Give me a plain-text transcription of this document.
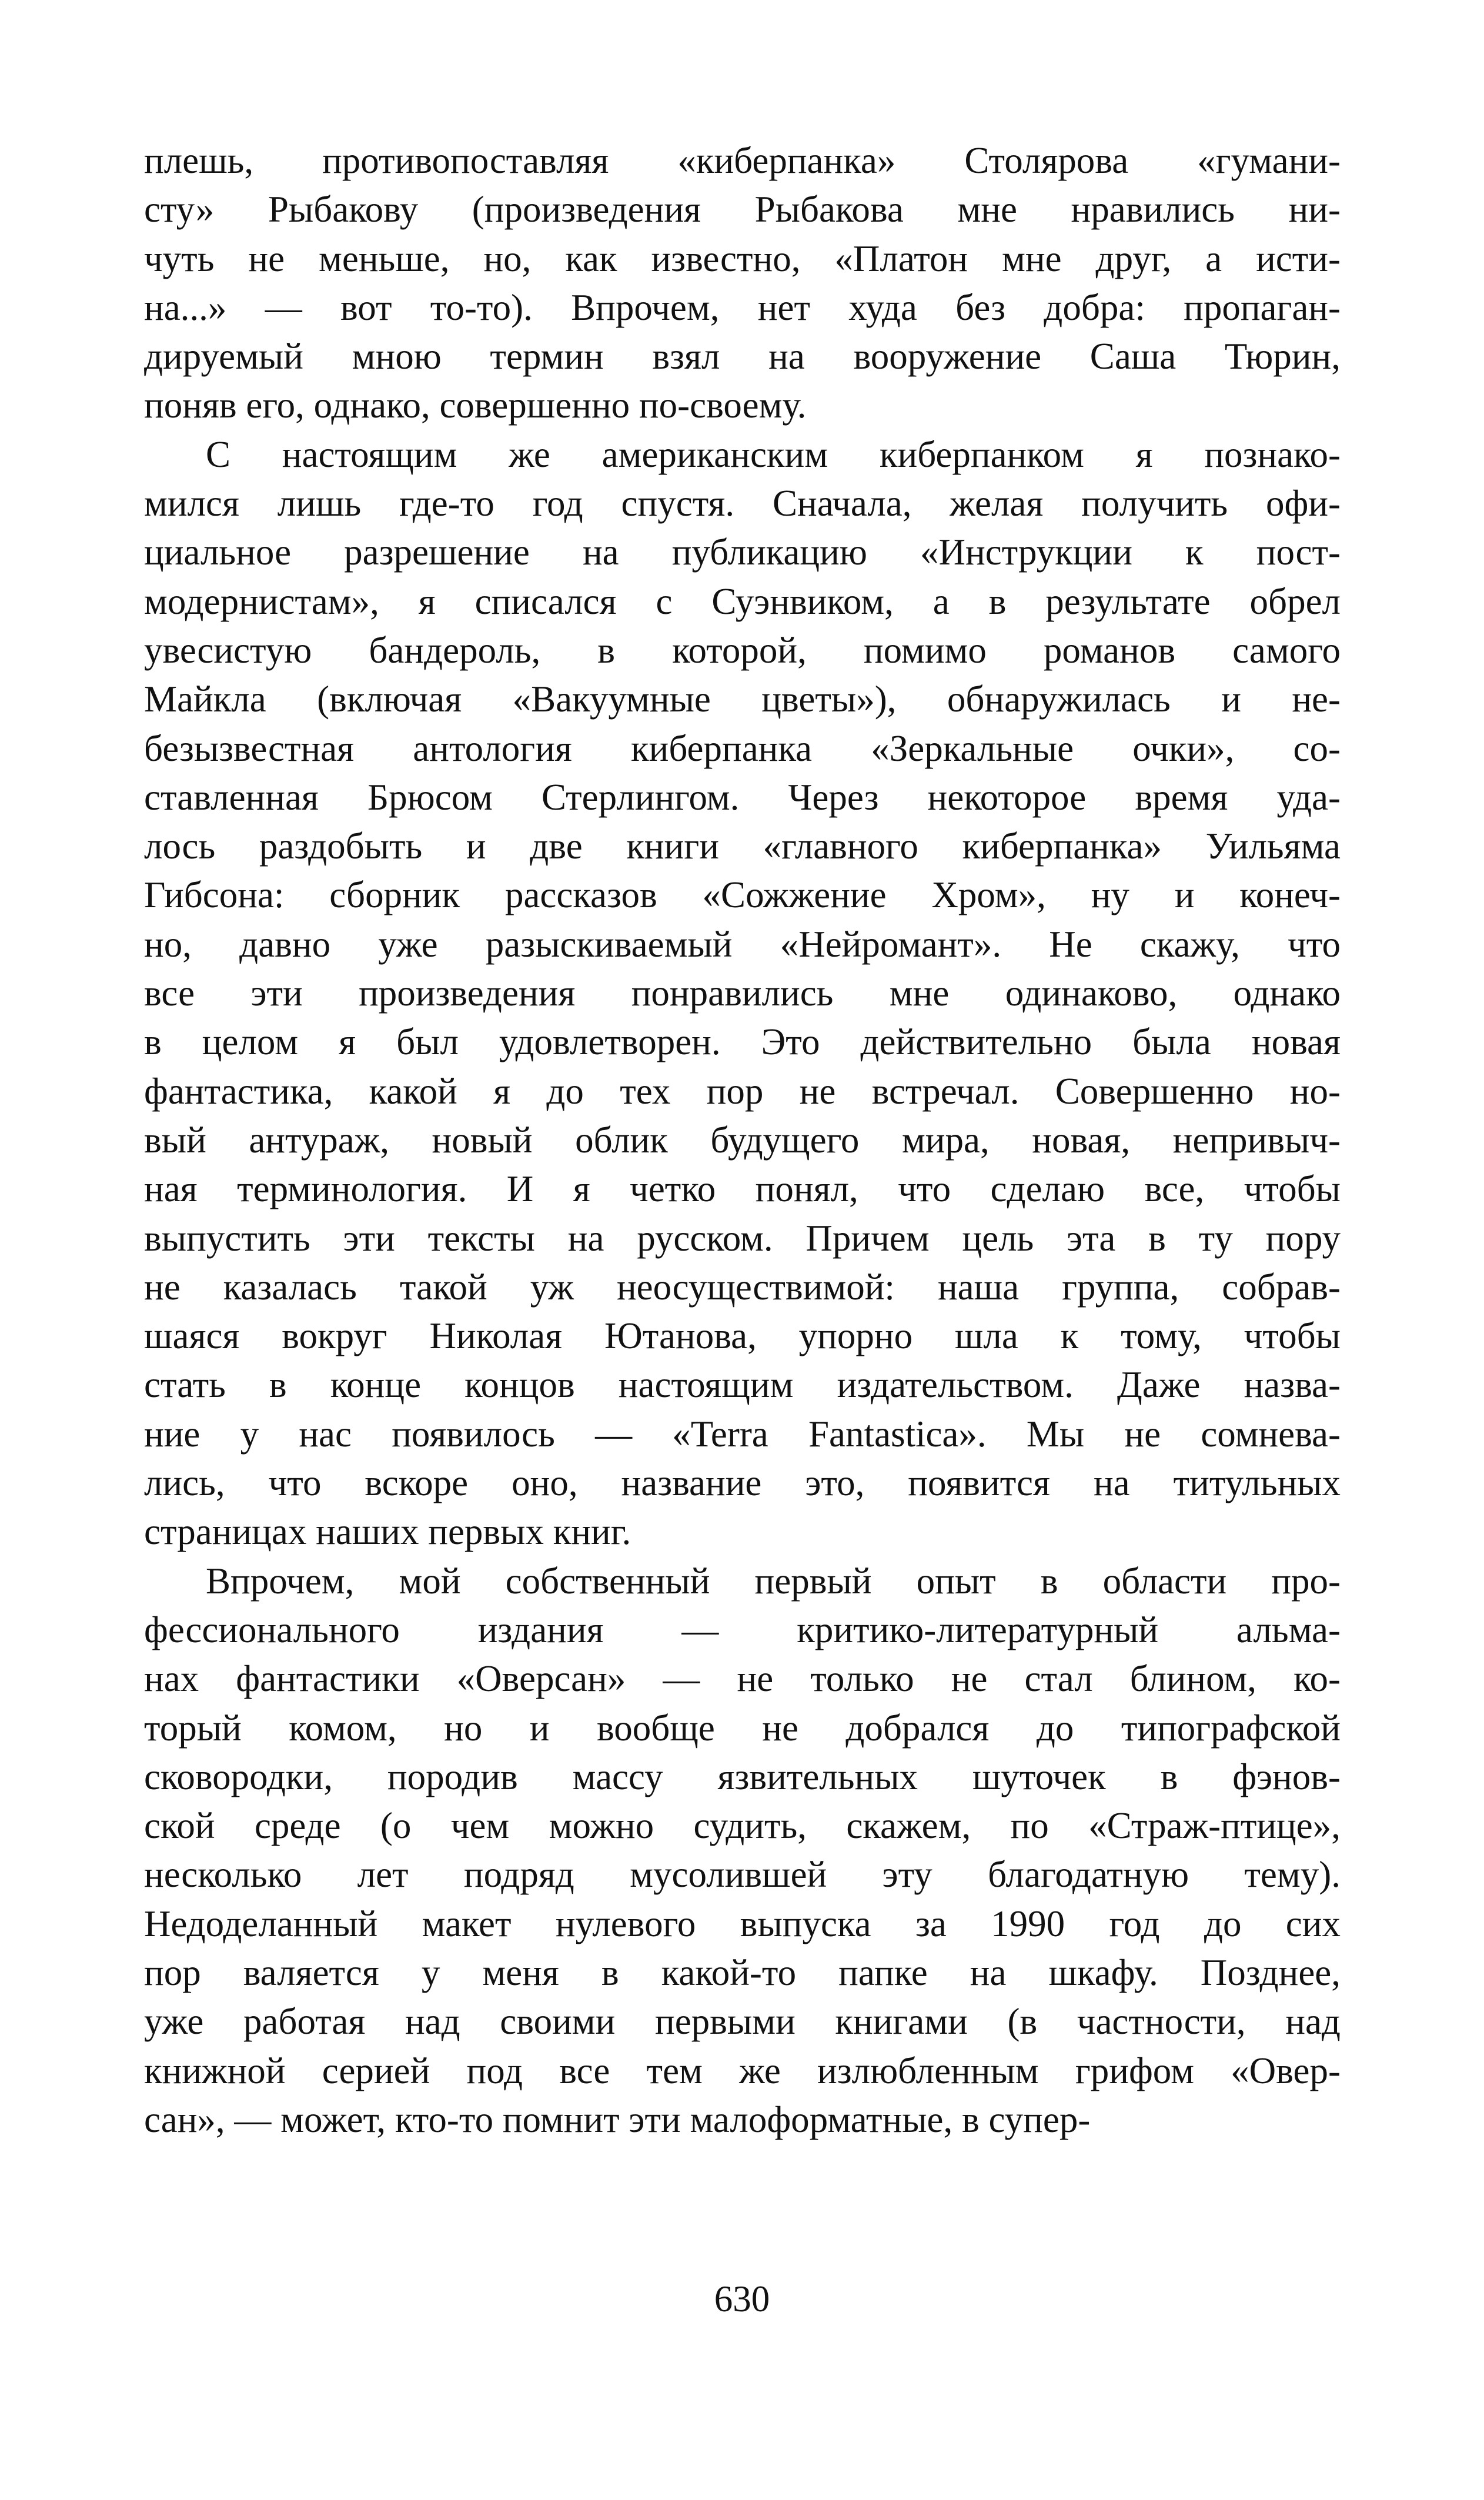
плешь, противопоставляя «киберпанка» Столярова «гумани-
сту» Рыбакову (произведения Рыбакова мне нравились ни-
чуть не меньше, но, как известно, «Платон мне друг, а исти-
на...» — вот то-то). Впрочем, нет худа без добра: пропаган-
дируемый мною термин взял на вооружение Саша Тюрин,
поняв его, однако, совершенно по-своему.
С настоящим же американским киберпанком я познако-
мился лишь где-то год спустя. Сначала, желая получить офи-
циальное разрешение на публикацию «Инструкции к пост-
модернистам», я списался с Суэнвиком, а в результате обрел
увесистую бандероль, в которой, помимо романов самого
Майкла (включая «Вакуумные цветы»), обнаружилась и не-
безызвестная антология киберпанка «Зеркальные очки», со-
ставленная Брюсом Стерлингом. Через некоторое время уда-
лось раздобыть и две книги «главного киберпанка» Уильяма
Гибсона: сборник рассказов «Сожжение Хром», ну и конеч-
но, давно уже разыскиваемый «Нейромант». Не скажу, что
все эти произведения понравились мне одинаково, однако
в целом я был удовлетворен. Это действительно была новая
фантастика, какой я до тех пор не встречал. Совершенно но-
вый антураж, новый облик будущего мира, новая, непривыч-
ная терминология. И я четко понял, что сделаю все, чтобы
выпустить эти тексты на русском. Причем цель эта в ту пору
не казалась такой уж неосуществимой: наша группа, собрав-
шаяся вокруг Николая Ютанова, упорно шла к тому, чтобы
стать в конце концов настоящим издательством. Даже назва-
ние у нас появилось — «Terra Fantastica». Мы не сомнева-
лись, что вскоре оно, название это, появится на титульных
страницах наших первых книг.
Впрочем, мой собственный первый опыт в области про-
фессионального издания — критико-литературный альма-
нах фантастики «Оверсан» — не только не стал блином, ко-
торый комом, но и вообще не добрался до типографской
сковородки, породив массу язвительных шуточек в фэнов-
ской среде (о чем можно судить, скажем, по «Страж-птице»,
несколько лет подряд мусолившей эту благодатную тему).
Недоделанный макет нулевого выпуска за 1990 год до сих
пор валяется у меня в какой-то папке на шкафу. Позднее,
уже работая над своими первыми книгами (в частности, над
книжной серией под все тем же излюбленным грифом «Овер-
сан», — может, кто-то помнит эти малоформатные, в супер-
630
